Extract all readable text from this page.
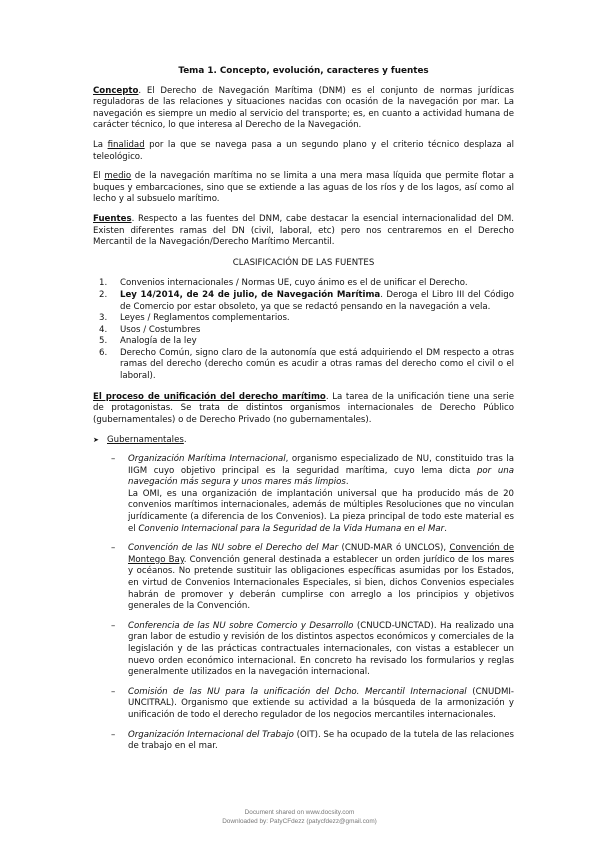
Tema 1. Concepto, evolución, caracteres y fuentes

Concepto. El Derecho de Navegación Marítima (DNM) es el conjunto de normas jurídicas reguladoras de las relaciones y situaciones nacidas con ocasión de la navegación por mar. La navegación es siempre un medio al servicio del transporte; es, en cuanto a actividad humana de carácter técnico, lo que interesa al Derecho de la Navegación.

La finalidad por la que se navega pasa a un segundo plano y el criterio técnico desplaza al teleológico.

El medio de la navegación marítima no se limita a una mera masa líquida que permite flotar a buques y embarcaciones, sino que se extiende a las aguas de los ríos y de los lagos, así como al lecho y al subsuelo marítimo.

Fuentes. Respecto a las fuentes del DNM, cabe destacar la esencial internacionalidad del DM. Existen diferentes ramas del DN (civil, laboral, etc) pero nos centraremos en el Derecho Mercantil de la Navegación/Derecho Marítimo Mercantil.

CLASIFICACIÓN DE LAS FUENTES

1. Convenios internacionales / Normas UE, cuyo ánimo es el de unificar el Derecho.
2. Ley 14/2014, de 24 de julio, de Navegación Marítima. Deroga el Libro III del Código de Comercio por estar obsoleto, ya que se redactó pensando en la navegación a vela.
3. Leyes / Reglamentos complementarios.
4. Usos / Costumbres
5. Analogía de la ley
6. Derecho Común, signo claro de la autonomía que está adquiriendo el DM respecto a otras ramas del derecho (derecho común es acudir a otras ramas del derecho como el civil o el laboral).

El proceso de unificación del derecho marítimo. La tarea de la unificación tiene una serie de protagonistas. Se trata de distintos organismos internacionales de Derecho Público (gubernamentales) o de Derecho Privado (no gubernamentales).

➤ Gubernamentales.
– Organización Marítima Internacional, organismo especializado de NU, constituido tras la IIGM cuyo objetivo principal es la seguridad marítima, cuyo lema dicta por una navegación más segura y unos mares más limpios.

La OMI, es una organización de implantación universal que ha producido más de 20 convenios marítimos internacionales, además de múltiples Resoluciones que no vinculan jurídicamente (a diferencia de los Convenios). La pieza principal de todo este material es el Convenio Internacional para la Seguridad de la Vida Humana en el Mar.

– Convención de las NU sobre el Derecho del Mar (CNUD-MAR ó UNCLOS), Convención de Montego Bay. Convención general destinada a establecer un orden jurídico de los mares y océanos. No pretende sustituir las obligaciones específicas asumidas por los Estados, en virtud de Convenios Internacionales Especiales, si bien, dichos Convenios especiales habrán de promover y deberán cumplirse con arreglo a los principios y objetivos generales de la Convención.

– Conferencia de las NU sobre Comercio y Desarrollo (CNUCD-UNCTAD). Ha realizado una gran labor de estudio y revisión de los distintos aspectos económicos y comerciales de la legislación y de las prácticas contractuales internacionales, con vistas a establecer un nuevo orden económico internacional. En concreto ha revisado los formularios y reglas generalmente utilizados en la navegación internacional.

– Comisión de las NU para la unificación del Dcho. Mercantil Internacional (CNUDMI-UNCITRAL). Organismo que extiende su actividad a la búsqueda de la armonización y unificación de todo el derecho regulador de los negocios mercantiles internacionales.

– Organización Internacional del Trabajo (OIT). Se ha ocupado de la tutela de las relaciones de trabajo en el mar.

Document shared on www.docsity.com
Downloaded by: PatyCFdezz (patycfdezz@gmail.com)
